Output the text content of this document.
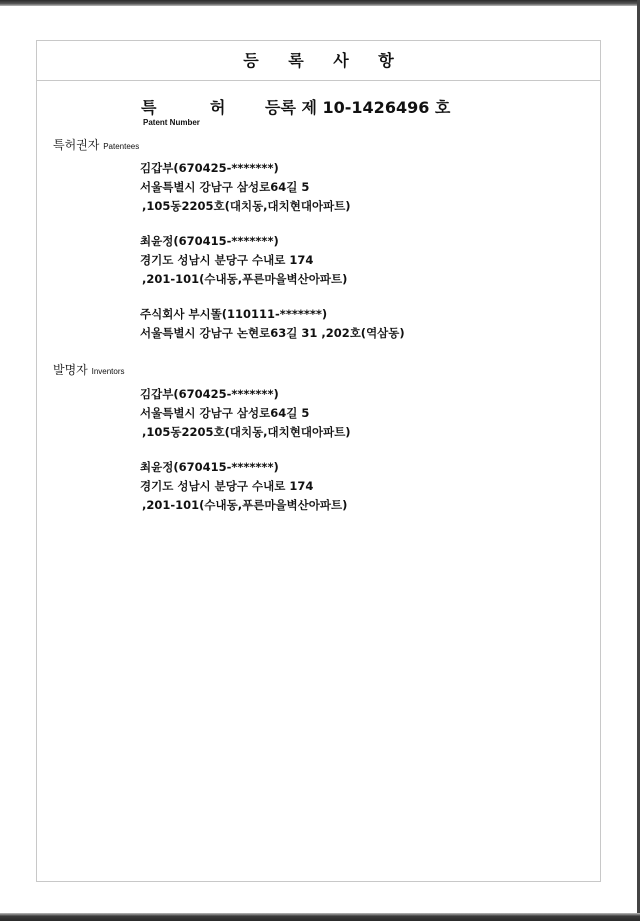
등 록 사 항
특 허
Patent Number
등록 제 10-1426496 호
특허권자 Patentees
김갑부(670425-*******)
서울특별시 강남구 삼성로64길 5
,105동2205호(대치동,대치현대아파트)
최윤정(670415-*******)
경기도 성남시 분당구 수내로 174
,201-101(수내동,푸른마을벽산아파트)
주식회사 부시똘(110111-*******)
서울특별시 강남구 논현로63길 31 ,202호(역삼동)
발명자 Inventors
김갑부(670425-*******)
서울특별시 강남구 삼성로64길 5
,105동2205호(대치동,대치현대아파트)
최윤정(670415-*******)
경기도 성남시 분당구 수내로 174
,201-101(수내동,푸른마을벽산아파트)
